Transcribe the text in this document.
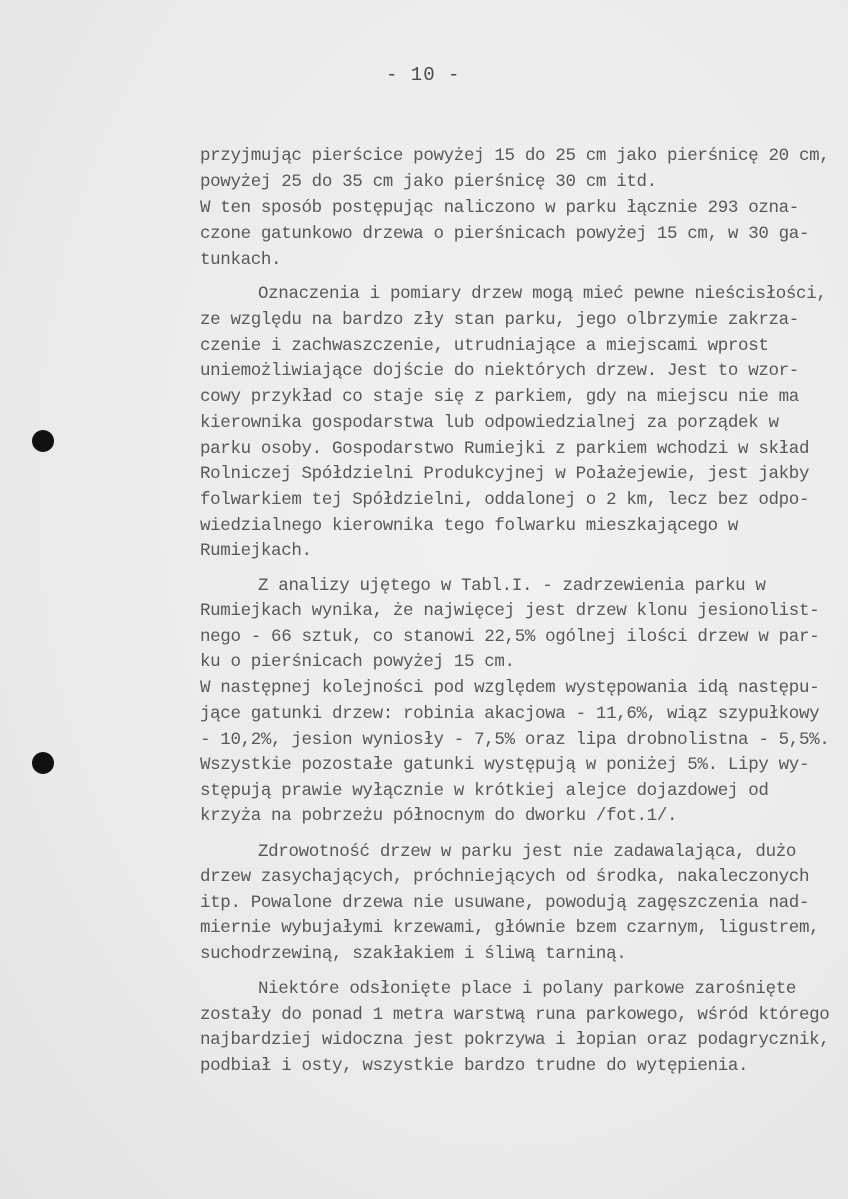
- 10 -
przyjmując pierścice powyżej 15 do 25 cm jako pierśnicę 20 cm,
powyżej 25 do 35 cm jako pierśnicę 30 cm itd.
W ten sposób postępując naliczono w parku łącznie 293 ozna-
czone gatunkowo drzewa o pierśnicach powyżej 15 cm, w 30 ga-
tunkach.
Oznaczenia i pomiary drzew mogą mieć pewne nieścisłości,
ze względu na bardzo zły stan parku, jego olbrzymie zakrza-
czenie i zachwaszczenie, utrudniające a miejscami wprost
uniemożliwiające dojście do niektórych drzew. Jest to wzor-
cowy przykład co staje się z parkiem, gdy na miejscu nie ma
kierownika gospodarstwa lub odpowiedzialnej za porządek w
parku osoby. Gospodarstwo Rumiejki z parkiem wchodzi w skład
Rolniczej Spółdzielni Produkcyjnej w Połażejewie, jest jakby
folwarkiem tej Spółdzielni, oddalonej o 2 km, lecz bez odpo-
wiedzialnego kierownika tego folwarku mieszkającego w
Rumiejkach.
Z analizy ujętego w Tabl.I. - zadrzewienia parku w
Rumiejkach wynika, że najwięcej jest drzew klonu jesionolist-
nego - 66 sztuk, co stanowi 22,5% ogólnej ilości drzew w par-
ku o pierśnicach powyżej 15 cm.
W następnej kolejności pod względem występowania idą następu-
jące gatunki drzew: robinia akacjowa - 11,6%, wiąz szypułkowy
- 10,2%, jesion wyniosły - 7,5% oraz lipa drobnolistna - 5,5%.
Wszystkie pozostałe gatunki występują w poniżej 5%. Lipy wy-
stępują prawie wyłącznie w krótkiej alejce dojazdowej od
krzyża na pobrzeżu północnym do dworku /fot.1/.
Zdrowotność drzew w parku jest nie zadawalająca, dużo
drzew zasychających, próchniejących od środka, nakaleczonych
itp. Powalone drzewa nie usuwane, powodują zagęszczenia nad-
miernie wybujałymi krzewami, głównie bzem czarnym, ligustrem,
suchodrzewiną, szakłakiem i śliwą tarniną.
Niektóre odsłonięte place i polany parkowe zarośnięte
zostały do ponad 1 metra warstwą runa parkowego, wśród którego
najbardziej widoczna jest pokrzywa i łopian oraz podagrycznik,
podbiał i osty, wszystkie bardzo trudne do wytępienia.
